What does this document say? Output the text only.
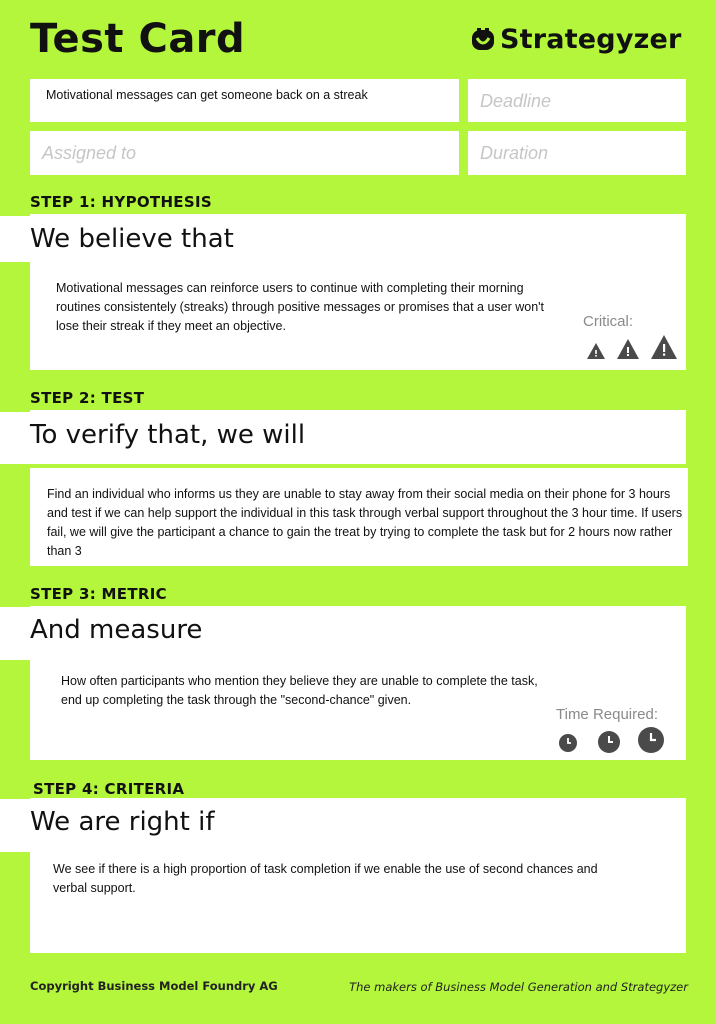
Test Card	Strategyzer
Motivational messages can get someone back on a streak	Deadline
Assigned to	Duration
STEP 1: HYPOTHESIS
We believe that
Motivational messages can reinforce users to continue with completing their morning routines consistentely (streaks) through positive messages or promises that a user won't lose their streak if they meet an objective.	Critical:
STEP 2: TEST
To verify that, we will
Find an individual who informs us they are unable to stay away from their social media on their phone for 3 hours and test if we can help support the individual in this task through verbal support throughout the 3 hour time. If users fail, we will give the participant a chance to gain the treat by trying to complete the task but for 2 hours now rather than 3
STEP 3: METRIC
And measure
How often participants who mention they believe they are unable to complete the task, end up completing the task through the "second-chance" given.
Time Required:
STEP 4: CRITERIA
We are right if
We see if there is a high proportion of task completion if we enable the use of second chances and verbal support.
Copyright Business Model Foundry AG	The makers of Business Model Generation and Strategyzer
